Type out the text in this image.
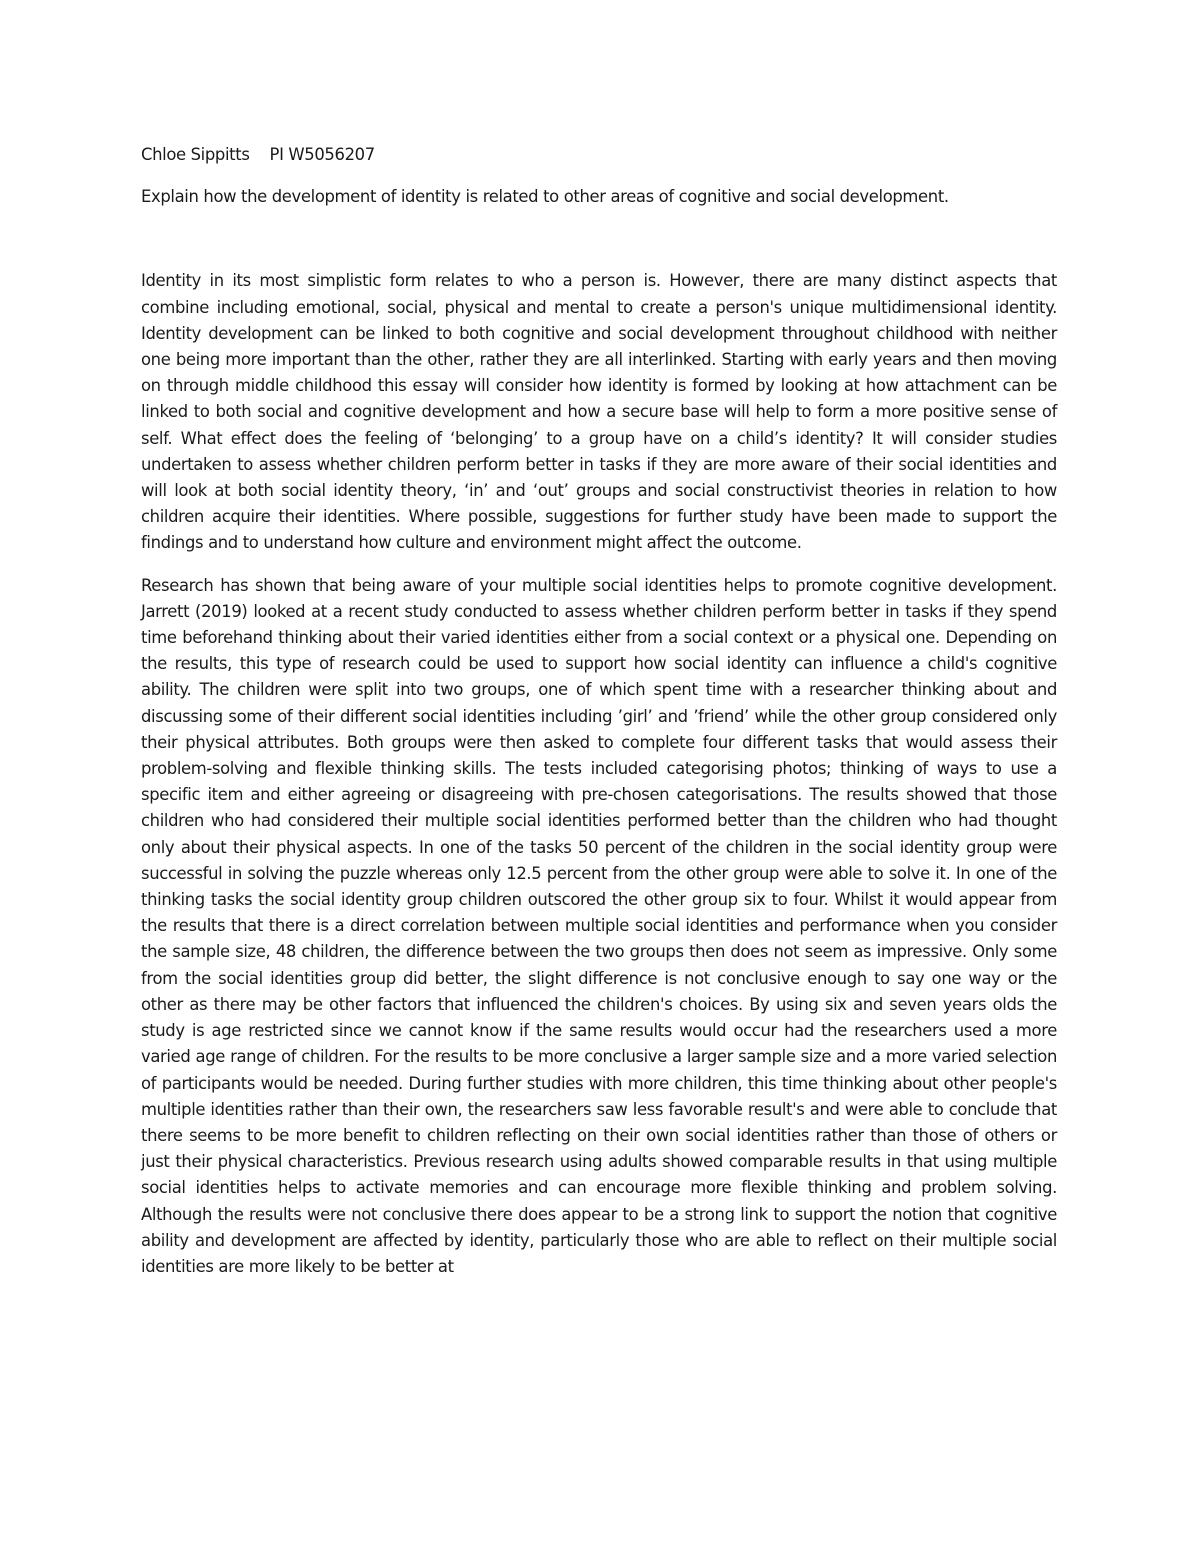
Chloe Sippitts PI W5056207

Explain how the development of identity is related to other areas of cognitive and social development.

Identity in its most simplistic form relates to who a person is. However, there are many distinct aspects that combine including emotional, social, physical and mental to create a person's unique multidimensional identity. Identity development can be linked to both cognitive and social development throughout childhood with neither one being more important than the other, rather they are all interlinked. Starting with early years and then moving on through middle childhood this essay will consider how identity is formed by looking at how attachment can be linked to both social and cognitive development and how a secure base will help to form a more positive sense of self. What effect does the feeling of ‘belonging’ to a group have on a child’s identity? It will consider studies undertaken to assess whether children perform better in tasks if they are more aware of their social identities and will look at both social identity theory, ‘in’ and ‘out’ groups and social constructivist theories in relation to how children acquire their identities. Where possible, suggestions for further study have been made to support the findings and to understand how culture and environment might affect the outcome.

Research has shown that being aware of your multiple social identities helps to promote cognitive development. Jarrett (2019) looked at a recent study conducted to assess whether children perform better in tasks if they spend time beforehand thinking about their varied identities either from a social context or a physical one. Depending on the results, this type of research could be used to support how social identity can influence a child's cognitive ability. The children were split into two groups, one of which spent time with a researcher thinking about and discussing some of their different social identities including ’girl’ and ’friend’ while the other group considered only their physical attributes. Both groups were then asked to complete four different tasks that would assess their problem-solving and flexible thinking skills. The tests included categorising photos; thinking of ways to use a specific item and either agreeing or disagreeing with pre-chosen categorisations. The results showed that those children who had considered their multiple social identities performed better than the children who had thought only about their physical aspects. In one of the tasks 50 percent of the children in the social identity group were successful in solving the puzzle whereas only 12.5 percent from the other group were able to solve it. In one of the thinking tasks the social identity group children outscored the other group six to four. Whilst it would appear from the results that there is a direct correlation between multiple social identities and performance when you consider the sample size, 48 children, the difference between the two groups then does not seem as impressive. Only some from the social identities group did better, the slight difference is not conclusive enough to say one way or the other as there may be other factors that influenced the children's choices. By using six and seven years olds the study is age restricted since we cannot know if the same results would occur had the researchers used a more varied age range of children. For the results to be more conclusive a larger sample size and a more varied selection of participants would be needed. During further studies with more children, this time thinking about other people's multiple identities rather than their own, the researchers saw less favorable result's and were able to conclude that there seems to be more benefit to children reflecting on their own social identities rather than those of others or just their physical characteristics. Previous research using adults showed comparable results in that using multiple social identities helps to activate memories and can encourage more flexible thinking and problem solving. Although the results were not conclusive there does appear to be a strong link to support the notion that cognitive ability and development are affected by identity, particularly those who are able to reflect on their multiple social identities are more likely to be better at
